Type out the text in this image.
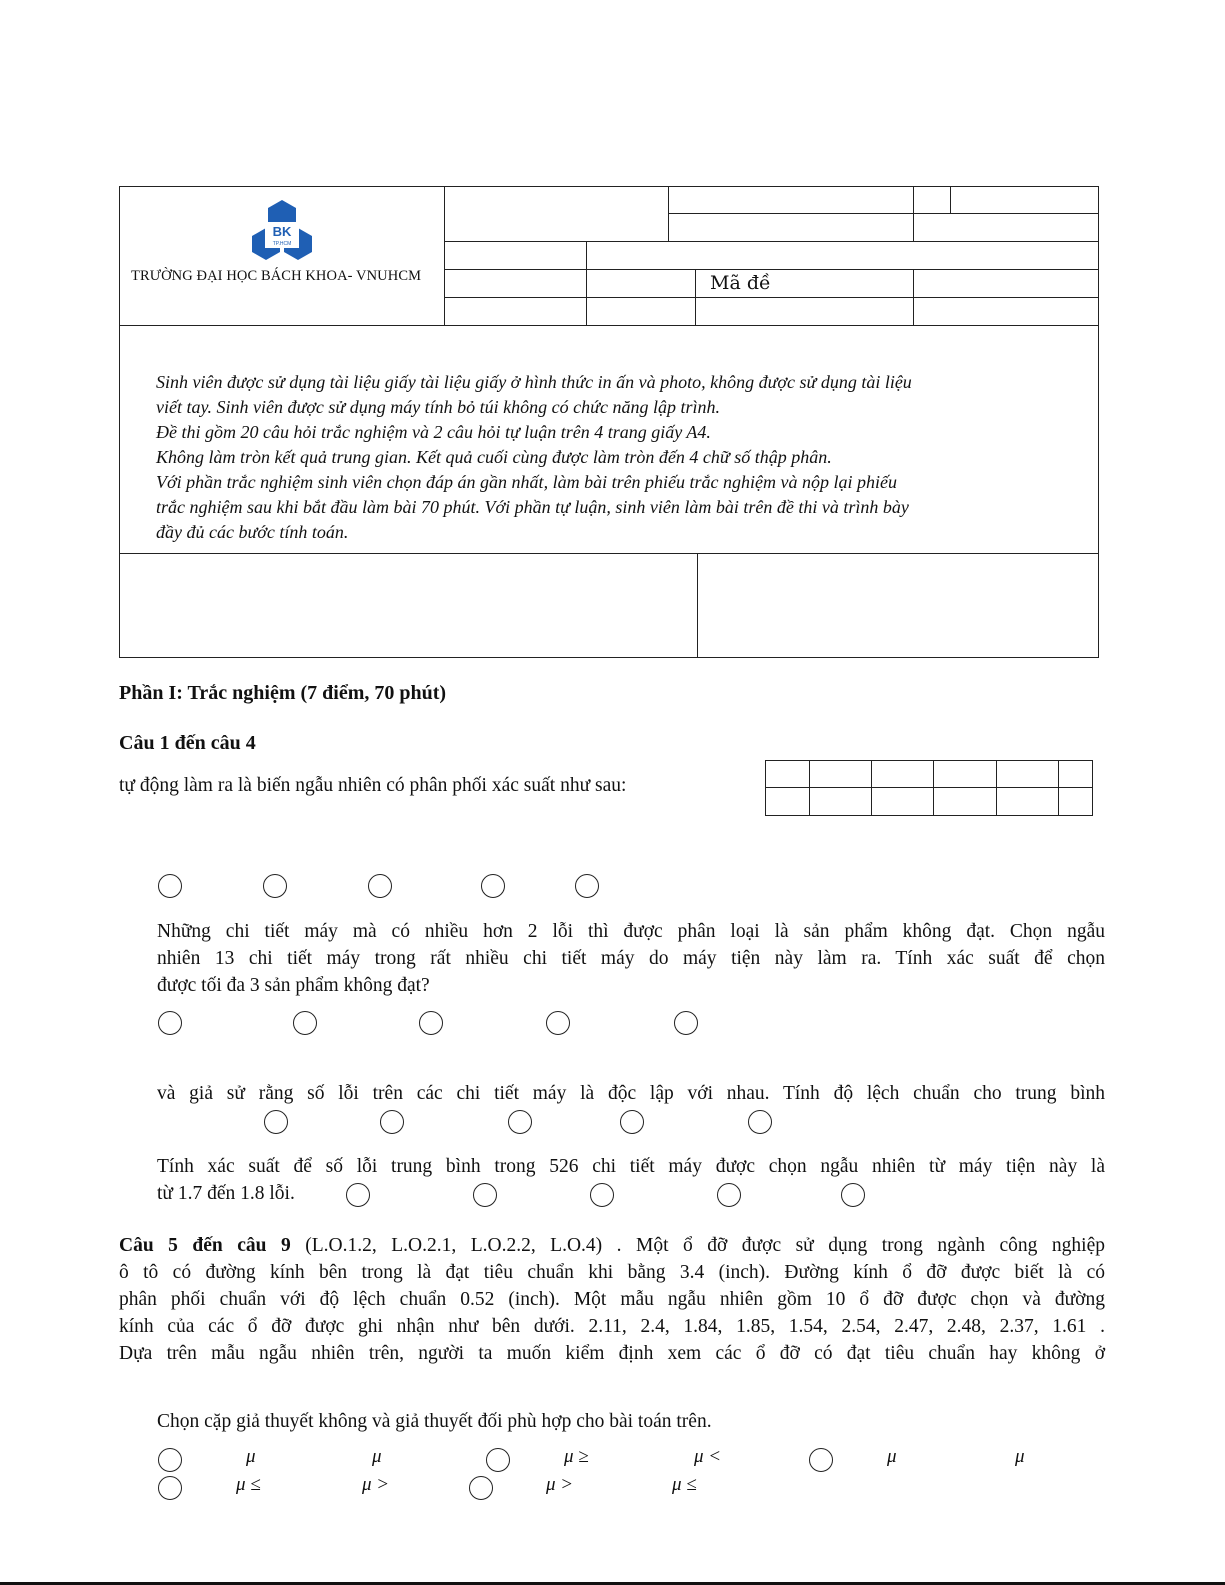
BK
TP.HCM
TRƯỜNG ĐẠI HỌC BÁCH KHOA- VNUHCM	Mã đề
Sinh viên được sử dụng tài liệu giấy tài liệu giấy ở hình thức in ấn và photo, không được sử dụng tài liệu
viết tay. Sinh viên được sử dụng máy tính bỏ túi không có chức năng lập trình.
Đề thi gồm 20 câu hỏi trắc nghiệm và 2 câu hỏi tự luận trên 4 trang giấy A4.
Không làm tròn kết quả trung gian. Kết quả cuối cùng được làm tròn đến 4 chữ số thập phân.
Với phần trắc nghiệm sinh viên chọn đáp án gần nhất, làm bài trên phiếu trắc nghiệm và nộp lại phiếu
trắc nghiệm sau khi bắt đầu làm bài 70 phút. Với phần tự luận, sinh viên làm bài trên đề thi và trình bày
đầy đủ các bước tính toán.
Phần I: Trắc nghiệm (7 điểm, 70 phút)
Câu 1 đến câu 4
tự động làm ra là biến ngẫu nhiên có phân phối xác suất như sau:
Những chi tiết máy mà có nhiều hơn 2 lỗi thì được phân loại là sản phẩm không đạt. Chọn ngẫu
nhiên 13 chi tiết máy trong rất nhiều chi tiết máy do máy tiện này làm ra. Tính xác suất để chọn
được tối đa 3 sản phẩm không đạt?
và giả sử rằng số lỗi trên các chi tiết máy là độc lập với nhau. Tính độ lệch chuẩn cho trung bình
Tính xác suất để số lỗi trung bình trong 526 chi tiết máy được chọn ngẫu nhiên từ máy tiện này là
từ 1.7 đến 1.8 lỗi.
Câu 5 đến câu 9 (L.O.1.2, L.O.2.1, L.O.2.2, L.O.4) . Một ổ đỡ được sử dụng trong ngành công nghiệp
ô tô có đường kính bên trong là đạt tiêu chuẩn khi bằng 3.4 (inch). Đường kính ổ đỡ được biết là có
phân phối chuẩn với độ lệch chuẩn 0.52 (inch). Một mẫu ngẫu nhiên gồm 10 ổ đỡ được chọn và đường
kính của các ổ đỡ được ghi nhận như bên dưới. 2.11, 2.4, 1.84, 1.85, 1.54, 2.54, 2.47, 2.48, 2.37, 1.61 .
Dựa trên mẫu ngẫu nhiên trên, người ta muốn kiểm định xem các ổ đỡ có đạt tiêu chuẩn hay không ở
Chọn cặp giả thuyết không và giả thuyết đối phù hợp cho bài toán trên.
μ	μ	μ ≥	μ <	μ	μ
μ ≤	μ >	μ >	μ ≤
